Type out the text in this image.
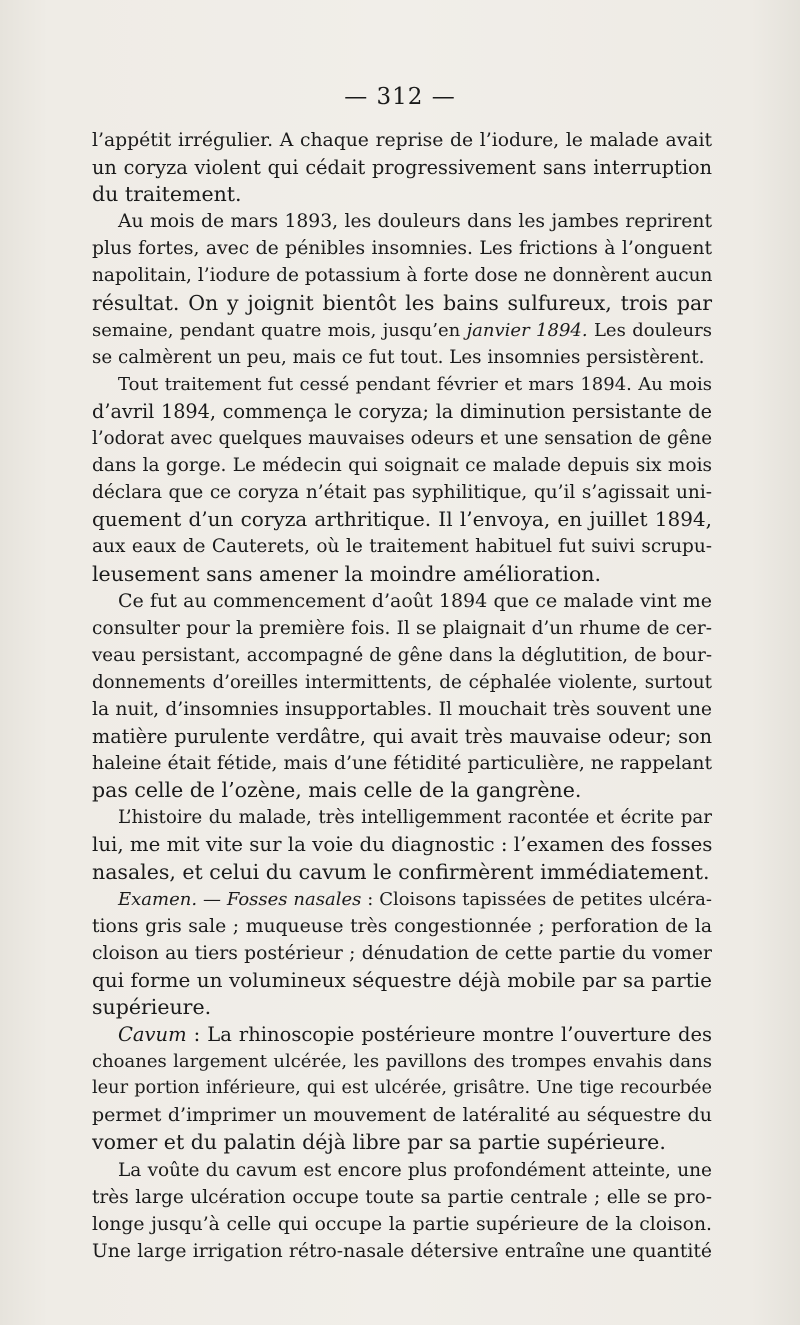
— 312 —
l’appétit irrégulier. A chaque reprise de l’iodure, le malade avait
un coryza violent qui cédait progressivement sans interruption
du traitement.
Au mois de mars 1893, les douleurs dans les jambes reprirent
plus fortes, avec de pénibles insomnies. Les frictions à l’onguent
napolitain, l’iodure de potassium à forte dose ne donnèrent aucun
résultat. On y joignit bientôt les bains sulfureux, trois par
semaine, pendant quatre mois, jusqu’en janvier 1894. Les douleurs
se calmèrent un peu, mais ce fut tout. Les insomnies persistèrent.
Tout traitement fut cessé pendant février et mars 1894. Au mois
d’avril 1894, commença le coryza; la diminution persistante de
l’odorat avec quelques mauvaises odeurs et une sensation de gêne
dans la gorge. Le médecin qui soignait ce malade depuis six mois
déclara que ce coryza n’était pas syphilitique, qu’il s’agissait uni-
quement d’un coryza arthritique. Il l’envoya, en juillet 1894,
aux eaux de Cauterets, où le traitement habituel fut suivi scrupu-
leusement sans amener la moindre amélioration.
Ce fut au commencement d’août 1894 que ce malade vint me
consulter pour la première fois. Il se plaignait d’un rhume de cer-
veau persistant, accompagné de gêne dans la déglutition, de bour-
donnements d’oreilles intermittents, de céphalée violente, surtout
la nuit, d’insomnies insupportables. Il mouchait très souvent une
matière purulente verdâtre, qui avait très mauvaise odeur; son
haleine était fétide, mais d’une fétidité particulière, ne rappelant
pas celle de l’ozène, mais celle de la gangrène.
L’histoire du malade, très intelligemment racontée et écrite par
lui, me mit vite sur la voie du diagnostic : l’examen des fosses
nasales, et celui du cavum le confirmèrent immédiatement.
Examen. — Fosses nasales : Cloisons tapissées de petites ulcéra-
tions gris sale ; muqueuse très congestionnée ; perforation de la
cloison au tiers postérieur ; dénudation de cette partie du vomer
qui forme un volumineux séquestre déjà mobile par sa partie
supérieure.
Cavum : La rhinoscopie postérieure montre l’ouverture des
choanes largement ulcérée, les pavillons des trompes envahis dans
leur portion inférieure, qui est ulcérée, grisâtre. Une tige recourbée
permet d’imprimer un mouvement de latéralité au séquestre du
vomer et du palatin déjà libre par sa partie supérieure.
La voûte du cavum est encore plus profondément atteinte, une
très large ulcération occupe toute sa partie centrale ; elle se pro-
longe jusqu’à celle qui occupe la partie supérieure de la cloison.
Une large irrigation rétro-nasale détersive entraîne une quantité
